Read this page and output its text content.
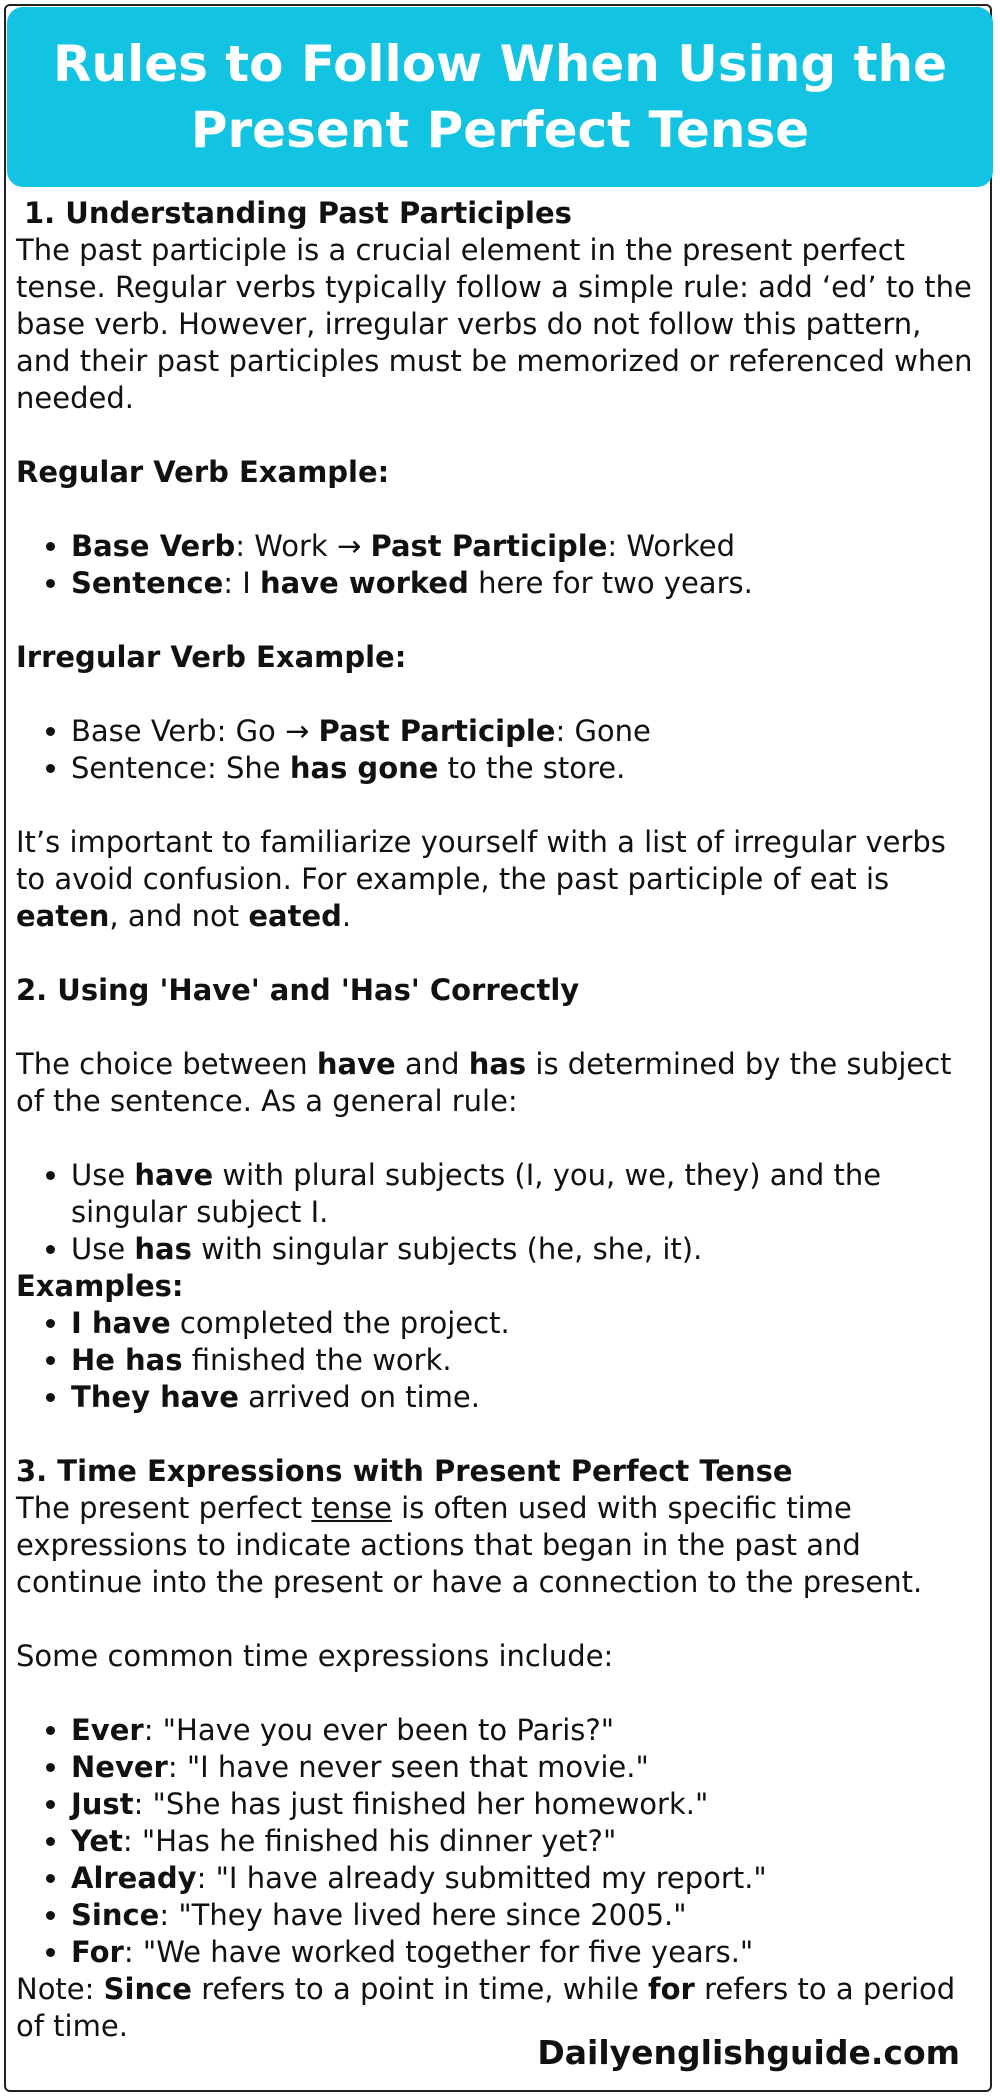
Rules to Follow When Using the Present Perfect Tense

1. Understanding Past Participles

The past participle is a crucial element in the present perfect tense. Regular verbs typically follow a simple rule: add ‘ed’ to the base verb. However, irregular verbs do not follow this pattern, and their past participles must be memorized or referenced when needed.

Regular Verb Example:

• Base Verb: Work → Past Participle: Worked
• Sentence: I have worked here for two years.

Irregular Verb Example:

• Base Verb: Go → Past Participle: Gone
• Sentence: She has gone to the store.

It’s important to familiarize yourself with a list of irregular verbs to avoid confusion. For example, the past participle of eat is eaten, and not eated.

2. Using 'Have' and 'Has' Correctly

The choice between have and has is determined by the subject of the sentence. As a general rule:

• Use have with plural subjects (I, you, we, they) and the singular subject I.
• Use has with singular subjects (he, she, it).

Examples:

• I have completed the project.
• He has finished the work.
• They have arrived on time.

3. Time Expressions with Present Perfect Tense

The present perfect tense is often used with specific time expressions to indicate actions that began in the past and continue into the present or have a connection to the present.

Some common time expressions include:

• Ever: "Have you ever been to Paris?"
• Never: "I have never seen that movie."
• Just: "She has just finished her homework."
• Yet: "Has he finished his dinner yet?"
• Already: "I have already submitted my report."
• Since: "They have lived here since 2005."
• For: "We have worked together for five years."

Note: Since refers to a point in time, while for refers to a period of time.

Dailyenglishguide.com
